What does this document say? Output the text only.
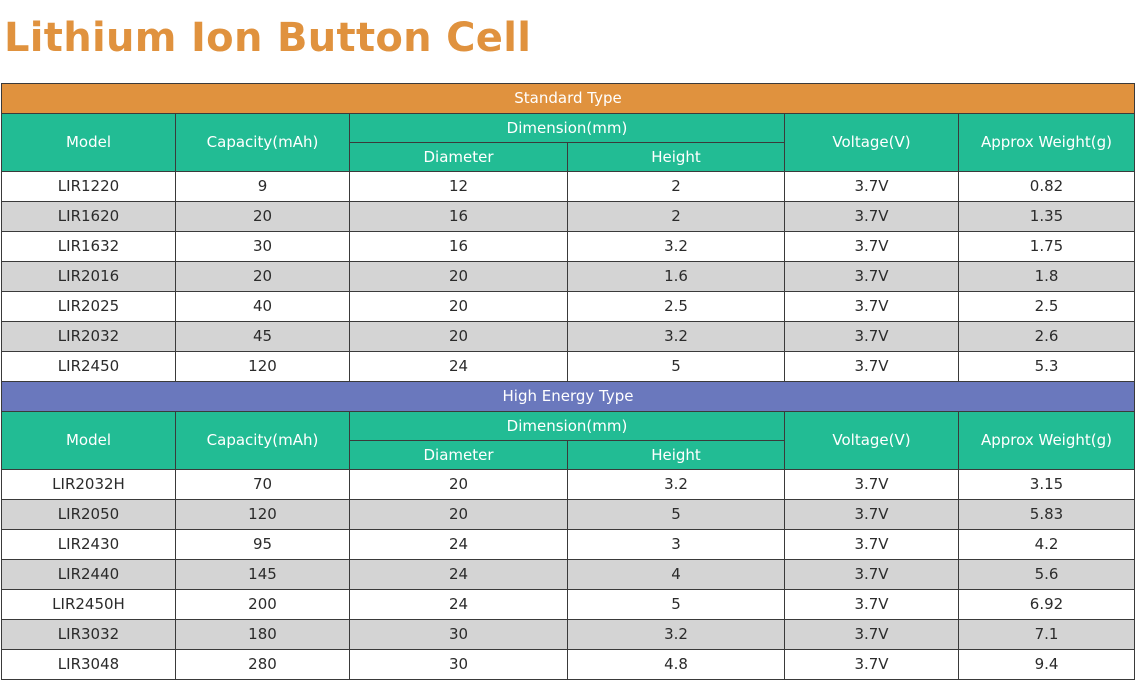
Lithium Ion Button Cell
Standard Type					
Model	Capacity(mAh)	Dimension(mm)		Voltage(V)	Approx Weight(g)
		Diameter	Height		
LIR1220	9	12	2	3.7V	0.82
LIR1620	20	16	2	3.7V	1.35
LIR1632	30	16	3.2	3.7V	1.75
LIR2016	20	20	1.6	3.7V	1.8
LIR2025	40	20	2.5	3.7V	2.5
LIR2032	45	20	3.2	3.7V	2.6
LIR2450	120	24	5	3.7V	5.3
High Energy Type					
Model	Capacity(mAh)	Dimension(mm)		Voltage(V)	Approx Weight(g)
		Diameter	Height		
LIR2032H	70	20	3.2	3.7V	3.15
LIR2050	120	20	5	3.7V	5.83
LIR2430	95	24	3	3.7V	4.2
LIR2440	145	24	4	3.7V	5.6
LIR2450H	200	24	5	3.7V	6.92
LIR3032	180	30	3.2	3.7V	7.1
LIR3048	280	30	4.8	3.7V	9.4
